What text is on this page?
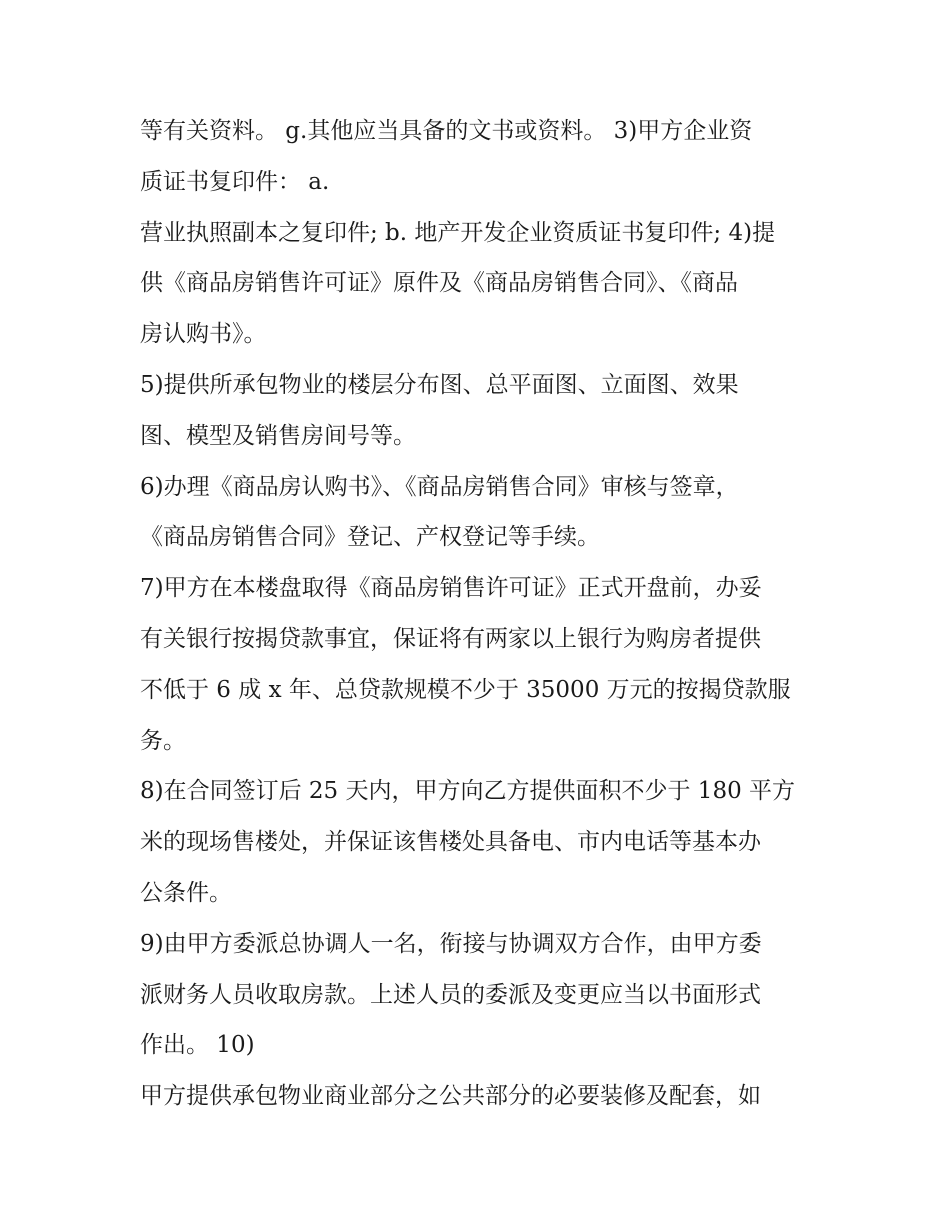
等有关资料。 g.其他应当具备的文书或资料。 3)甲方企业资
质证书复印件： a.
营业执照副本之复印件; b. 地产开发企业资质证书复印件; 4)提
供《商品房销售许可证》原件及《商品房销售合同》、《商品
房认购书》。
5)提供所承包物业的楼层分布图、总平面图、立面图、效果
图、模型及销售房间号等。
6)办理《商品房认购书》、《商品房销售合同》审核与签章，
《商品房销售合同》登记、产权登记等手续。
7)甲方在本楼盘取得《商品房销售许可证》正式开盘前，办妥
有关银行按揭贷款事宜，保证将有两家以上银行为购房者提供
不低于 6 成 x 年、总贷款规模不少于 35000 万元的按揭贷款服
务。
8)在合同签订后 25 天内，甲方向乙方提供面积不少于 180 平方
米的现场售楼处，并保证该售楼处具备电、市内电话等基本办
公条件。
9)由甲方委派总协调人一名，衔接与协调双方合作，由甲方委
派财务人员收取房款。上述人员的委派及变更应当以书面形式
作出。 10)
甲方提供承包物业商业部分之公共部分的必要装修及配套，如
